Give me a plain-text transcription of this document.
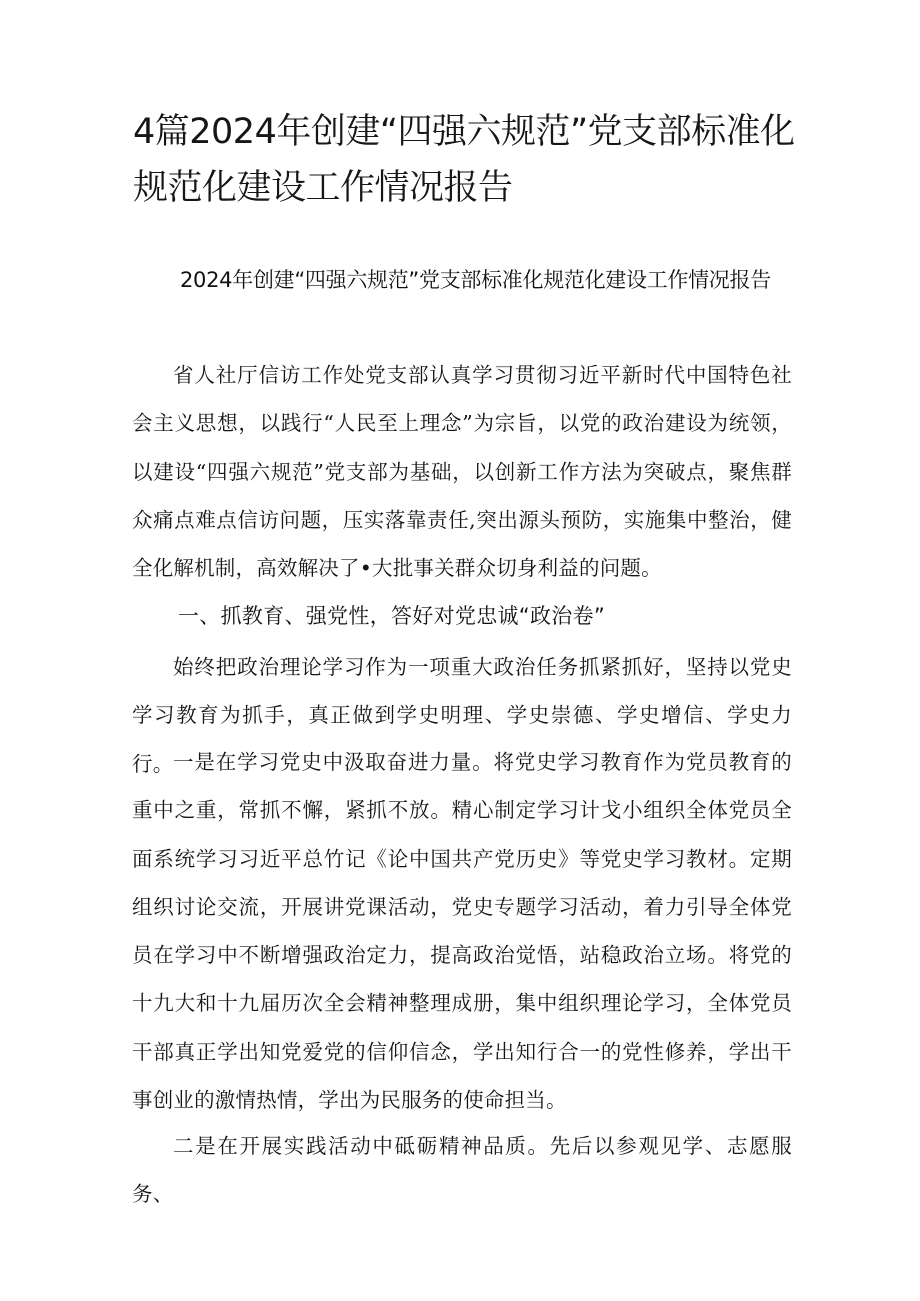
4篇2024年创建“四强六规范”党支部标准化规范化建设工作情况报告
2024年创建“四强六规范”党支部标准化规范化建设工作情况报告

省人社厅信访工作处党支部认真学习贯彻习近平新时代中国特色社会主义思想，以践行“人民至上理念”为宗旨，以党的政治建设为统领，以建设“四强六规范”党支部为基础，以创新工作方法为突破点，聚焦群众痛点难点信访问题，压实落靠责任,突出源头预防，实施集中整治，健全化解机制，高效解决了•大批事关群众切身利益的问题。

一、抓教育、强党性，答好对党忠诚“政治卷”

始终把政治理论学习作为一项重大政治任务抓紧抓好，坚持以党史学习教育为抓手，真正做到学史明理、学史崇德、学史增信、学史力行。 一是在学习党史中汲取奋进力量。将党史学习教育作为党员教育的重中之重，常抓不懈，紧抓不放。精心制定学习计戈小组织全体党员全面系统学习习近平总竹记《论中国共产党历史》等党史学习教材。定期组织讨论交流，开展讲党课活动，党史专题学习活动，着力引导全体党员在学习中不断增强政治定力，提高政治觉悟，站稳政治立场。将党的十九大和十九届历次全会精神整理成册，集中组织理论学习，全体党员干部真正学出知党爱党的信仰信念，学出知行合一的党性修养，学出干事创业的激情热情，学出为民服务的使命担当。

二是在开展实践活动中砥砺精神品质。先后以参观见学、志愿服务、
